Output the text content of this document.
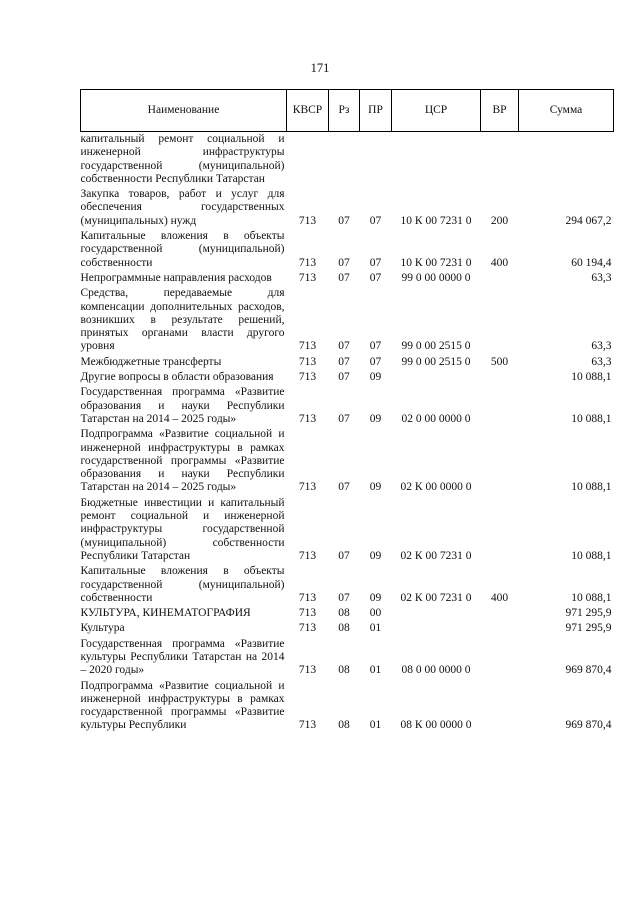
171
Наименование	КВСР	Рз	ПР	ЦСР	ВР	Сумма
капитальный ремонт социальной и инженерной инфраструктуры государственной (муниципальной) собственности Республики Татарстан						
Закупка товаров, работ и услуг для обеспечения государственных (муниципальных) нужд	713	07	07	10 К 00 7231 0	200	294 067,2
Капитальные вложения в объекты государственной (муниципальной) собственности	713	07	07	10 К 00 7231 0	400	60 194,4
Непрограммные направления расходов	713	07	07	99 0 00 0000 0		63,3
Средства, передаваемые для компенсации дополнительных расходов, возникших в результате решений, принятых органами власти другого уровня	713	07	07	99 0 00 2515 0		63,3
Межбюджетные трансферты	713	07	07	99 0 00 2515 0	500	63,3
Другие вопросы в области образования	713	07	09			10 088,1
Государственная программа «Развитие образования и науки Республики Татарстан на 2014 – 2025 годы»	713	07	09	02 0 00 0000 0		10 088,1
Подпрограмма «Развитие социальной и инженерной инфраструктуры в рамках государственной программы «Развитие образования и науки Республики Татарстан на 2014 – 2025 годы»	713	07	09	02 К 00 0000 0		10 088,1
Бюджетные инвестиции и капитальный ремонт социальной и инженерной инфраструктуры государственной (муниципальной) собственности Республики Татарстан	713	07	09	02 К 00 7231 0		10 088,1
Капитальные вложения в объекты государственной (муниципальной) собственности	713	07	09	02 К 00 7231 0	400	10 088,1
КУЛЬТУРА, КИНЕМАТОГРАФИЯ	713	08	00			971 295,9
Культура	713	08	01			971 295,9
Государственная программа «Развитие культуры Республики Татарстан на 2014 – 2020 годы»	713	08	01	08 0 00 0000 0		969 870,4
Подпрограмма «Развитие социальной и инженерной инфраструктуры в рамках государственной программы «Развитие культуры Республики	713	08	01	08 К 00 0000 0		969 870,4
